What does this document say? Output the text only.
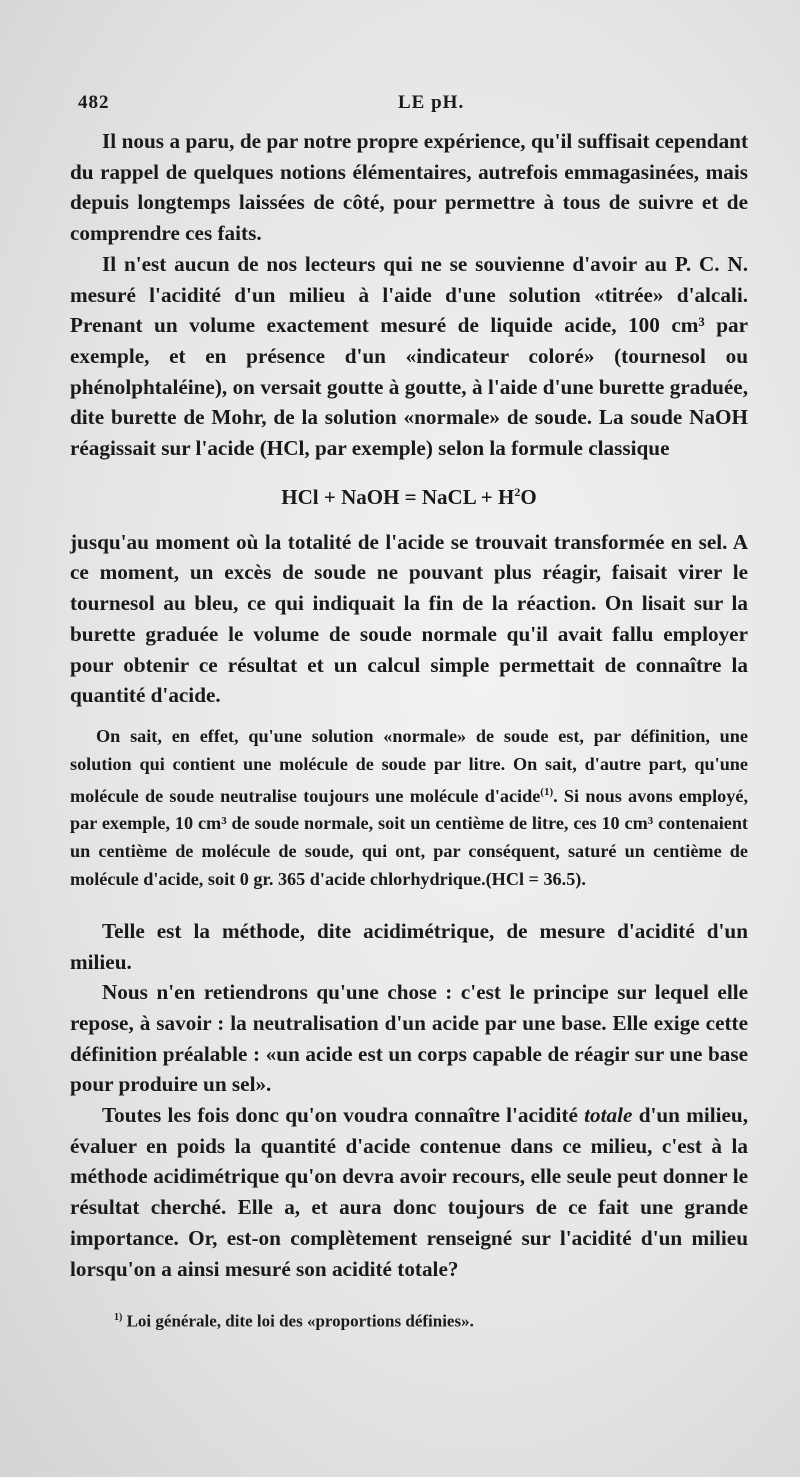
482	LE pH.

Il nous a paru, de par notre propre expérience, qu'il suffisait cependant du rappel de quelques notions élémentaires, autrefois emmagasinées, mais depuis longtemps laissées de côté, pour permettre à tous de suivre et de comprendre ces faits.

Il n'est aucun de nos lecteurs qui ne se souvienne d'avoir au P. C. N. mesuré l'acidité d'un milieu à l'aide d'une solution «titrée» d'alcali. Prenant un volume exactement mesuré de liquide acide, 100 cm³ par exemple, et en présence d'un «indicateur coloré» (tournesol ou phénolphtaléine), on versait goutte à goutte, à l'aide d'une burette graduée, dite burette de Mohr, de la solution «normale» de soude. La soude NaOH réagissait sur l'acide (HCl, par exemple) selon la formule classique

HCl + NaOH = NaCL + $H^2O$

jusqu'au moment où la totalité de l'acide se trouvait transformée en sel. A ce moment, un excès de soude ne pouvant plus réagir, faisait virer le tournesol au bleu, ce qui indiquait la fin de la réaction. On lisait sur la burette graduée le volume de soude normale qu'il avait fallu employer pour obtenir ce résultat et un calcul simple permettait de connaître la quantité d'acide.

On sait, en effet, qu'une solution «normale» de soude est, par définition, une solution qui contient une molécule de soude par litre. On sait, d'autre part, qu'une molécule de soude neutralise toujours une molécule d'acide$^{(1)}$. Si nous avons employé, par exemple, 10 cm³ de soude normale, soit un centième de litre, ces 10 cm³ contenaient un centième de molécule de soude, qui ont, par conséquent, saturé un centième de molécule d'acide, soit 0 gr. 365 d'acide chlorhydrique.(HCl = 36.5).

Telle est la méthode, dite acidimétrique, de mesure d'acidité d'un milieu.

Nous n'en retiendrons qu'une chose : c'est le principe sur lequel elle repose, à savoir : la neutralisation d'un acide par une base. Elle exige cette définition préalable : «un acide est un corps capable de réagir sur une base pour produire un sel».

Toutes les fois donc qu'on voudra connaître l'acidité totale d'un milieu, évaluer en poids la quantité d'acide contenue dans ce milieu, c'est à la méthode acidimétrique qu'on devra avoir recours, elle seule peut donner le résultat cherché. Elle a, et aura donc toujours de ce fait une grande importance. Or, est-on complètement renseigné sur l'acidité d'un milieu lorsqu'on a ainsi mesuré son acidité totale?

$^{1)}$ Loi générale, dite loi des «proportions définies».
